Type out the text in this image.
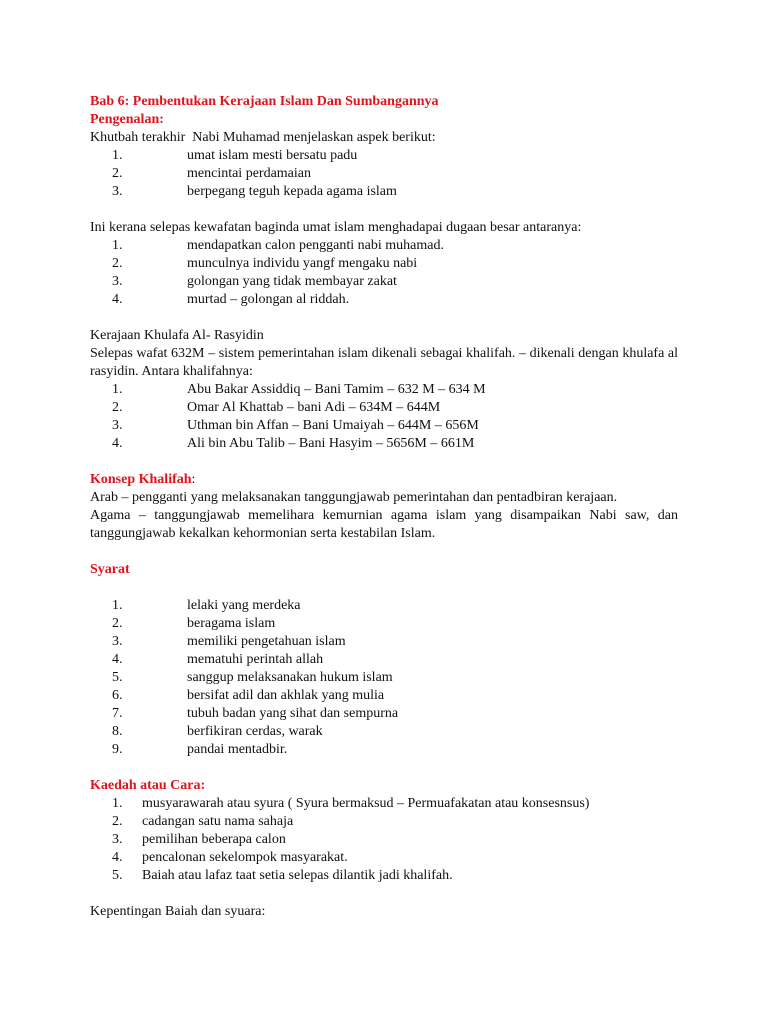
Bab 6: Pembentukan Kerajaan Islam Dan Sumbangannya
Pengenalan:
Khutbah terakhir  Nabi Muhamad menjelaskan aspek berikut:
1.	umat islam mesti bersatu padu
2.	mencintai perdamaian
3.	berpegang teguh kepada agama islam
Ini kerana selepas kewafatan baginda umat islam menghadapai dugaan besar antaranya:
1.	mendapatkan calon pengganti nabi muhamad.
2.	munculnya individu yangf mengaku nabi
3.	golongan yang tidak membayar zakat
4.	murtad – golongan al riddah.
Kerajaan Khulafa Al- Rasyidin
Selepas wafat 632M – sistem pemerintahan islam dikenali sebagai khalifah. – dikenali dengan khulafa al rasyidin. Antara khalifahnya:
1.	Abu Bakar Assiddiq – Bani Tamim – 632 M – 634 M
2.	Omar Al Khattab – bani Adi – 634M – 644M
3.	Uthman bin Affan – Bani Umaiyah – 644M – 656M
4.	Ali bin Abu Talib – Bani Hasyim – 5656M – 661M
Konsep Khalifah:
Arab – pengganti yang melaksanakan tanggungjawab pemerintahan dan pentadbiran kerajaan.
Agama – tanggungjawab memelihara kemurnian agama islam yang disampaikan Nabi saw, dan tanggungjawab kekalkan kehormonian serta kestabilan Islam.
Syarat
1.	lelaki yang merdeka
2.	beragama islam
3.	memiliki pengetahuan islam
4.	mematuhi perintah allah
5.	sanggup melaksanakan hukum islam
6.	bersifat adil dan akhlak yang mulia
7.	tubuh badan yang sihat dan sempurna
8.	berfikiran cerdas, warak
9.	pandai mentadbir.
Kaedah atau Cara:
1.	musyarawarah atau syura ( Syura bermaksud – Permuafakatan atau konsesnsus)
2.	cadangan satu nama sahaja
3.	pemilihan beberapa calon
4.	pencalonan sekelompok masyarakat.
5.	Baiah atau lafaz taat setia selepas dilantik jadi khalifah.
Kepentingan Baiah dan syuara:
